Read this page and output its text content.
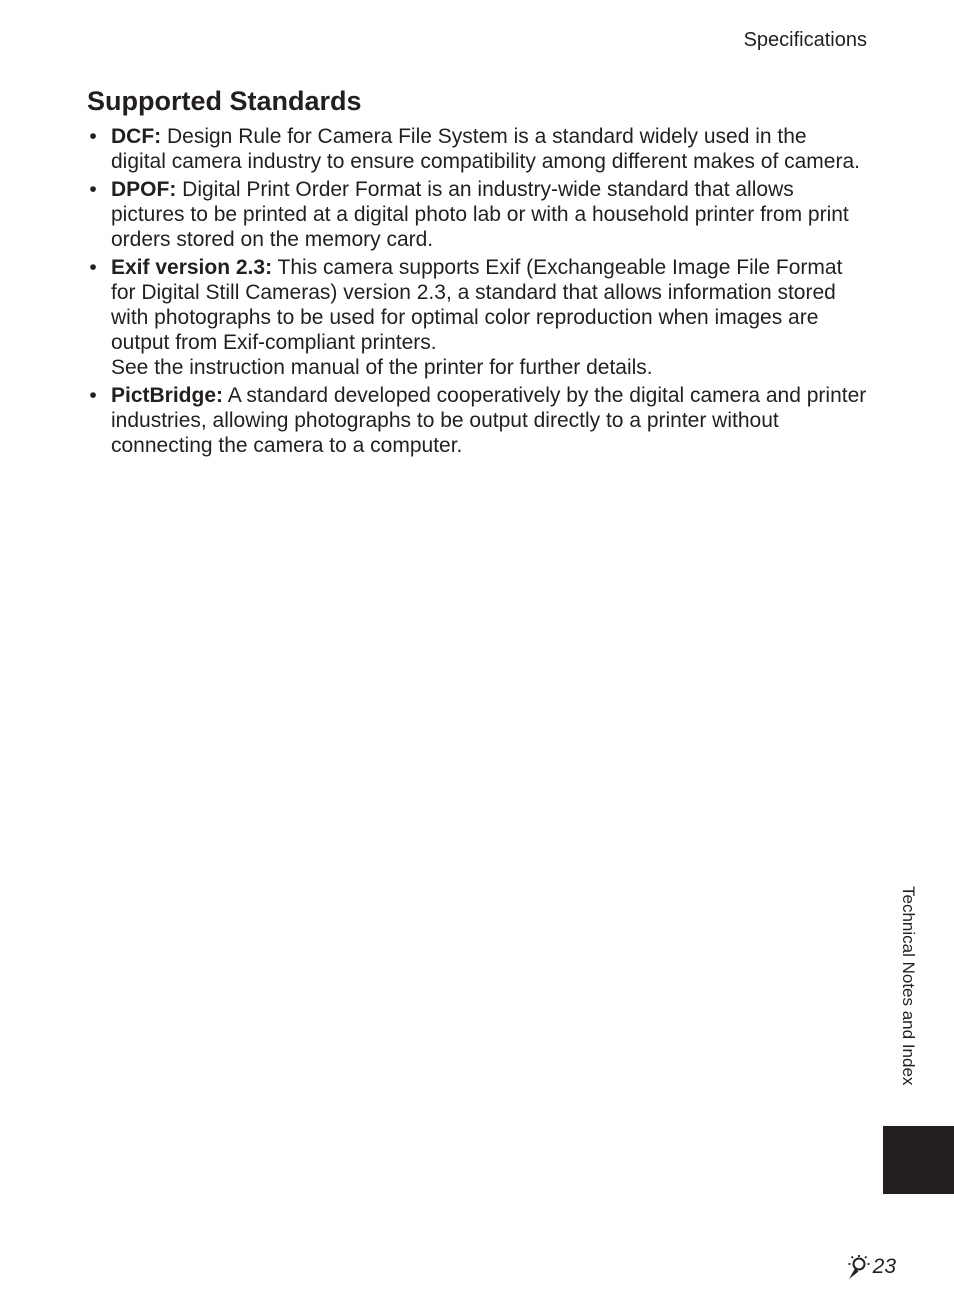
Specifications
Supported Standards
• DCF: Design Rule for Camera File System is a standard widely used in the digital camera industry to ensure compatibility among different makes of camera.
• DPOF: Digital Print Order Format is an industry-wide standard that allows pictures to be printed at a digital photo lab or with a household printer from print orders stored on the memory card.
• Exif version 2.3: This camera supports Exif (Exchangeable Image File Format for Digital Still Cameras) version 2.3, a standard that allows information stored with photographs to be used for optimal color reproduction when images are output from Exif-compliant printers.
See the instruction manual of the printer for further details.
• PictBridge: A standard developed cooperatively by the digital camera and printer industries, allowing photographs to be output directly to a printer without connecting the camera to a computer.
Technical Notes and Index
23
